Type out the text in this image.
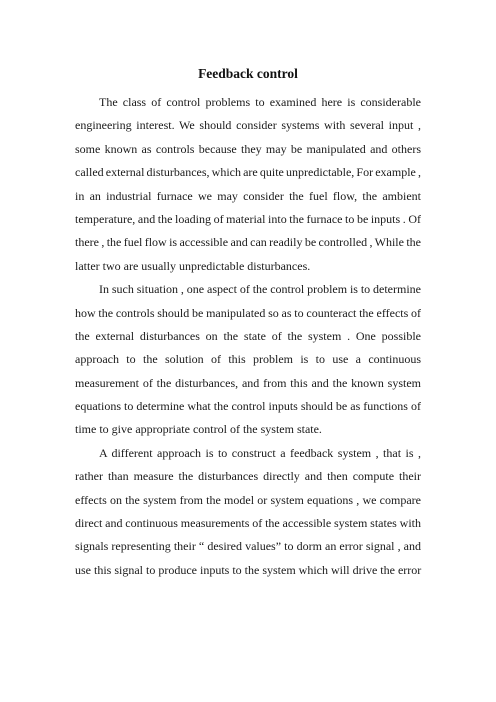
Feedback control
The class of control problems to examined here is considerable
engineering interest. We should consider systems with several input ,
some known as controls because they may be manipulated and others
called external disturbances, which are quite unpredictable, For example ,
in an industrial furnace we may consider the fuel flow, the ambient
temperature, and the loading of material into the furnace to be inputs . Of
there , the fuel flow is accessible and can readily be controlled , While the
latter two are usually unpredictable disturbances.
In such situation , one aspect of the control problem is to determine
how the controls should be manipulated so as to counteract the effects of
the external disturbances on the state of the system . One possible
approach to the solution of this problem is to use a continuous
measurement of the disturbances, and from this and the known system
equations to determine what the control inputs should be as functions of
time to give appropriate control of the system state.
A different approach is to construct a feedback system , that is ,
rather than measure the disturbances directly and then compute their
effects on the system from the model or system equations , we compare
direct and continuous measurements of the accessible system states with
signals representing their “ desired values” to dorm an error signal , and
use this signal to produce inputs to the system which will drive the error
